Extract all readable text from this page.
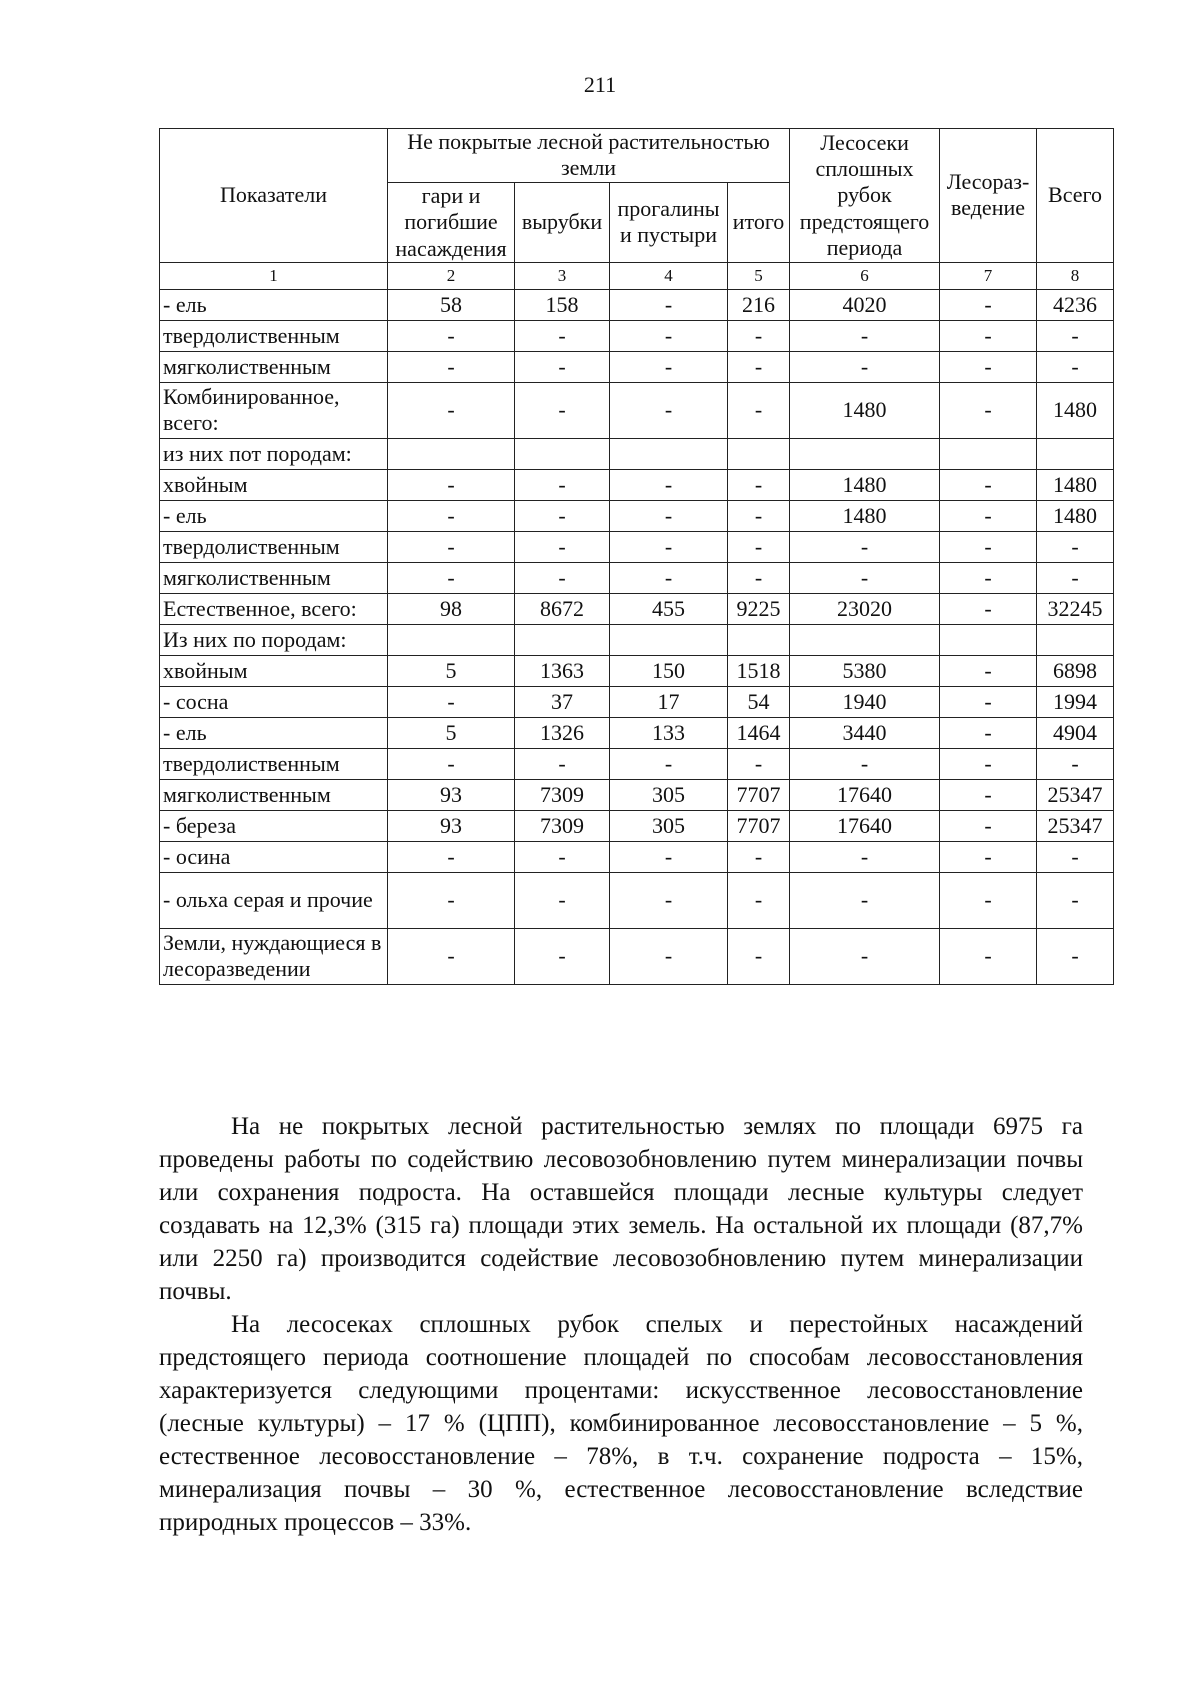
211
Показатели	Не покрытые лесной растительностью земли				Лесосеки сплошных рубок предстоящего периода	Лесораз-ведение	Всего
	гари и погибшие насаждения	вырубки	прогалины и пустыри	итого			
1	2	3	4	5	6	7	8
- ель	58	158	-	216	4020	-	4236
твердолиственным	-	-	-	-	-	-	-
мягколиственным	-	-	-	-	-	-	-
Комбинированное, всего:	-	-	-	-	1480	-	1480
из них пот породам:							
хвойным	-	-	-	-	1480	-	1480
- ель	-	-	-	-	1480	-	1480
твердолиственным	-	-	-	-	-	-	-
мягколиственным	-	-	-	-	-	-	-
Естественное, всего:	98	8672	455	9225	23020	-	32245
Из них по породам:							
хвойным	5	1363	150	1518	5380	-	6898
- сосна	-	37	17	54	1940	-	1994
- ель	5	1326	133	1464	3440	-	4904
твердолиственным	-	-	-	-	-	-	-
мягколиственным	93	7309	305	7707	17640	-	25347
- береза	93	7309	305	7707	17640	-	25347
- осина	-	-	-	-	-	-	-
- ольха серая и прочие	-	-	-	-	-	-	-
Земли, нуждающиеся в лесоразведении	-	-	-	-	-	-	-

На не покрытых лесной растительностью землях по площади 6975 га проведены работы по содействию лесовозобновлению путем минерализации почвы или сохранения подроста. На оставшейся площади лесные культуры следует создавать на 12,3% (315 га) площади этих земель. На остальной их площади (87,7% или 2250 га) производится содействие лесовозобновлению путем минерализации почвы.

На лесосеках сплошных рубок спелых и перестойных насаждений предстоящего периода соотношение площадей по способам лесовосстановления характеризуется следующими процентами: искусственное лесовосстановление (лесные культуры) – 17 % (ЦПП), комбинированное лесовосстановление – 5 %, естественное лесовосстановление – 78%, в т.ч. сохранение подроста – 15%, минерализация почвы – 30 %, естественное лесовосстановление вследствие природных процессов – 33%.
